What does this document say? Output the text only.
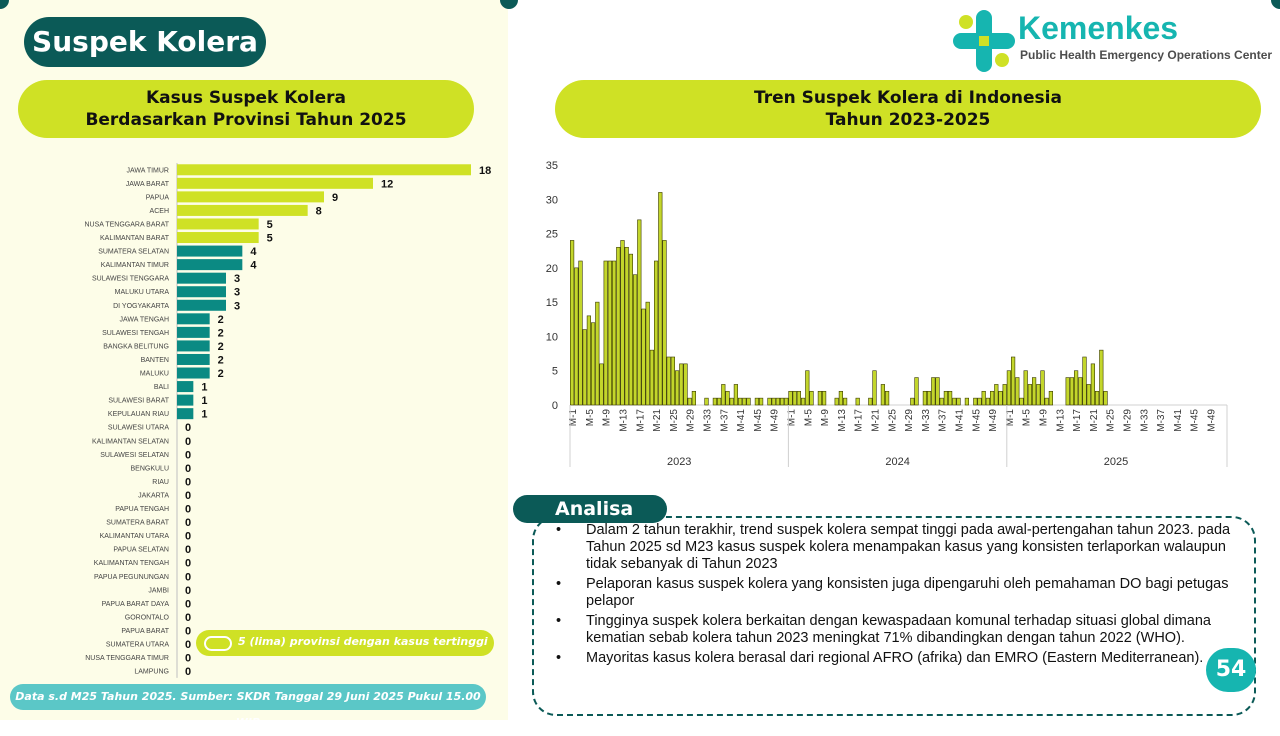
Suspek Kolera
Kasus Suspek Kolera
Berdasarkan Provinsi Tahun 2025
JAWA TIMUR	18
JAWA BARAT	12
PAPUA	9
ACEH	8
NUSA TENGGARA BARAT	5
KALIMANTAN BARAT	5
SUMATERA SELATAN	4
KALIMANTAN TIMUR	4
SULAWESI TENGGARA	3
MALUKU UTARA	3
DI YOGYAKARTA	3
JAWA TENGAH	2
SULAWESI TENGAH	2
BANGKA BELITUNG	2
BANTEN	2
MALUKU	2
BALI	1
SULAWESI BARAT	1
KEPULAUAN RIAU	1
SULAWESI UTARA 0
KALIMANTAN SELATAN 0
SULAWESI SELATAN 0
BENGKULU 0
RIAU 0
JAKARTA 0
PAPUA TENGAH 0
SUMATERA BARAT 0
KALIMANTAN UTARA 0
PAPUA SELATAN 0
KALIMANTAN TENGAH 0
PAPUA PEGUNUNGAN 0
JAMBI 0
PAPUA BARAT DAYA 0
GORONTALO 0
PAPUA BARAT 0
SUMATERA UTARA 0
NUSA TENGGARA TIMUR 0
LAMPUNG 0
5 (lima) provinsi dengan kasus tertinggi
Data s.d M25 Tahun 2025. Sumber: SKDR Tanggal 29 Juni 2025 Pukul 15.00 WIB
Kemenkes
Public Health Emergency Operations Center
Tren Suspek Kolera di Indonesia
Tahun 2023-2025
0
5
10
15
20
25
30
35
M-1 M-5 M-9 M-13 M-17 M-21 M-25 M-29 M-33 M-37 M-41 M-45 M-49
2023
M-1 M-5 M-9 M-13 M-17 M-21 M-25 M-29 M-33 M-37 M-41 M-45 M-49
2024
M-1 M-5 M-9 M-13 M-17 M-21 M-25 M-29 M-33 M-37 M-41 M-45 M-49
2025
Analisa
• Dalam 2 tahun terakhir, trend suspek kolera sempat tinggi pada awal-pertengahan tahun 2023. pada Tahun 2025 sd M23 kasus suspek kolera menampakan kasus yang konsisten terlaporkan walaupun tidak sebanyak di Tahun 2023
• Pelaporan kasus suspek kolera yang konsisten juga dipengaruhi oleh pemahaman DO bagi petugas pelapor
• Tingginya suspek kolera berkaitan dengan kewaspadaan komunal terhadap situasi global dimana kematian sebab kolera tahun 2023 meningkat 71% dibandingkan dengan tahun 2022 (WHO).
• Mayoritas kasus kolera berasal dari regional AFRO (afrika) dan EMRO (Eastern Mediterranean). 54
